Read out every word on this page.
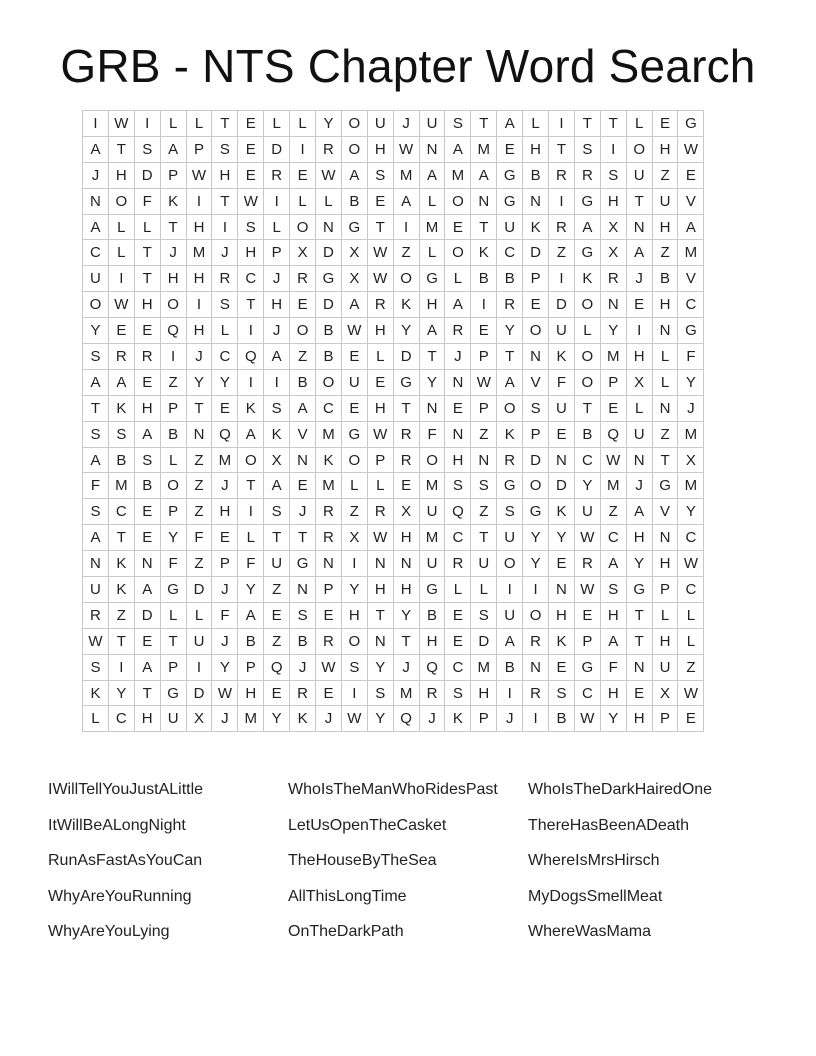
GRB - NTS Chapter Word Search
I	W	I	L	L	T	E	L	L	Y	O	U	J	U	S	T	A	L	I	T	T	L	E	G
A	T	S	A	P	S	E	D	I	R	O	H	W	N	A	M	E	H	T	S	I	O	H	W
J	H	D	P	W	H	E	R	E	W	A	S	M	A	M	A	G	B	R	R	S	U	Z	E
N	O	F	K	I	T	W	I	L	L	B	E	A	L	O	N	G	N	I	G	H	T	U	V
A	L	L	T	H	I	S	L	O	N	G	T	I	M	E	T	U	K	R	A	X	N	H	A
C	L	T	J	M	J	H	P	X	D	X	W	Z	L	O	K	C	D	Z	G	X	A	Z	M
U	I	T	H	H	R	C	J	R	G	X	W	O	G	L	B	B	P	I	K	R	J	B	V
O	W	H	O	I	S	T	H	E	D	A	R	K	H	A	I	R	E	D	O	N	E	H	C
Y	E	E	Q	H	L	I	J	O	B	W	H	Y	A	R	E	Y	O	U	L	Y	I	N	G
S	R	R	I	J	C	Q	A	Z	B	E	L	D	T	J	P	T	N	K	O	M	H	L	F
A	A	E	Z	Y	Y	I	I	B	O	U	E	G	Y	N	W	A	V	F	O	P	X	L	Y
T	K	H	P	T	E	K	S	A	C	E	H	T	N	E	P	O	S	U	T	E	L	N	J
S	S	A	B	N	Q	A	K	V	M	G	W	R	F	N	Z	K	P	E	B	Q	U	Z	M
A	B	S	L	Z	M	O	X	N	K	O	P	R	O	H	N	R	D	N	C	W	N	T	X
F	M	B	O	Z	J	T	A	E	M	L	L	E	M	S	S	G	O	D	Y	M	J	G	M
S	C	E	P	Z	H	I	S	J	R	Z	R	X	U	Q	Z	S	G	K	U	Z	A	V	Y
A	T	E	Y	F	E	L	T	T	R	X	W	H	M	C	T	U	Y	Y	W	C	H	N	C
N	K	N	F	Z	P	F	U	G	N	I	N	N	U	R	U	O	Y	E	R	A	Y	H	W
U	K	A	G	D	J	Y	Z	N	P	Y	H	H	G	L	L	I	I	N	W	S	G	P	C
R	Z	D	L	L	F	A	E	S	E	H	T	Y	B	E	S	U	O	H	E	H	T	L	L
W	T	E	T	U	J	B	Z	B	R	O	N	T	H	E	D	A	R	K	P	A	T	H	L
S	I	A	P	I	Y	P	Q	J	W	S	Y	J	Q	C	M	B	N	E	G	F	N	U	Z
K	Y	T	G	D	W	H	E	R	E	I	S	M	R	S	H	I	R	S	C	H	E	X	W
L	C	H	U	X	J	M	Y	K	J	W	Y	Q	J	K	P	J	I	B	W	Y	H	P	E
IWillTellYouJustALittle	WhoIsTheManWhoRidesPast	WhoIsTheDarkHairedOne
ItWillBeALongNight	LetUsOpenTheCasket	ThereHasBeenADeath
RunAsFastAsYouCan	TheHouseByTheSea	WhereIsMrsHirsch
WhyAreYouRunning	AllThisLongTime	MyDogsSmellMeat
WhyAreYouLying	OnTheDarkPath	WhereWasMama
